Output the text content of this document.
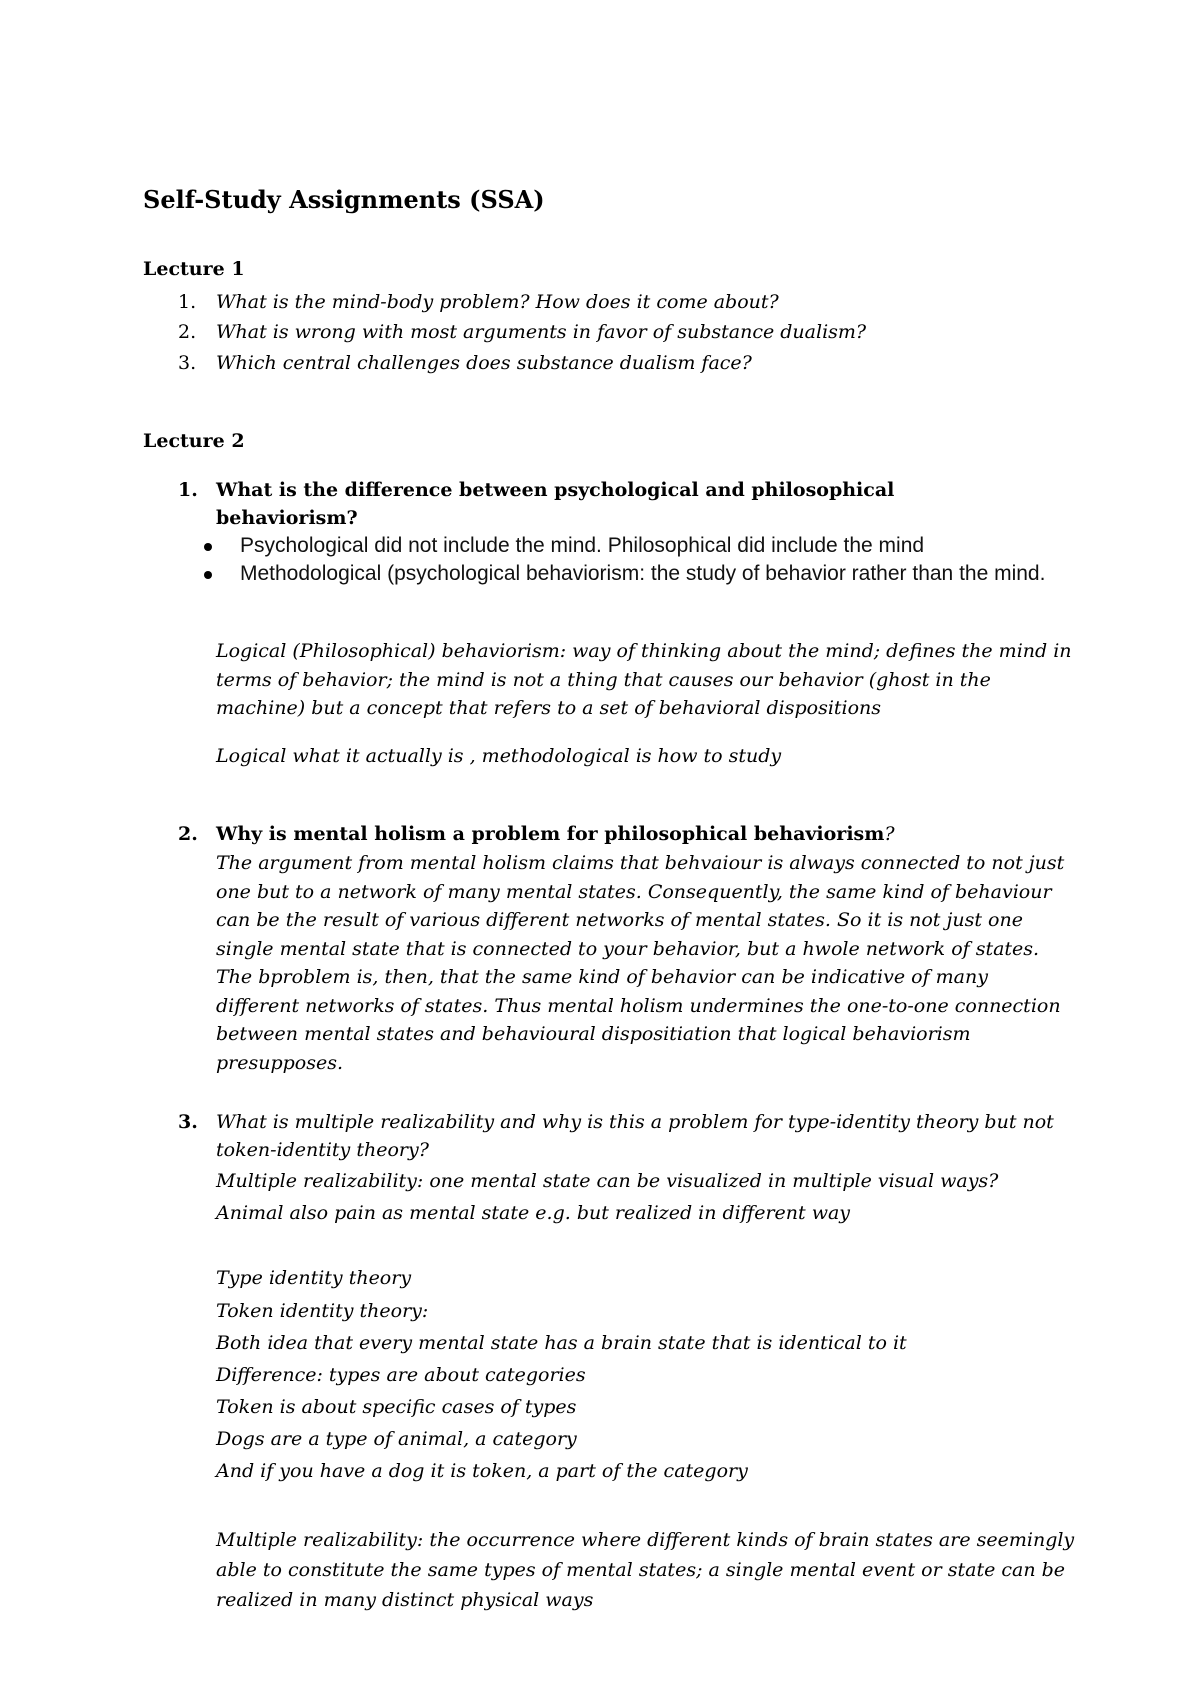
Self-Study Assignments (SSA)
Lecture 1
1.	What is the mind-body problem? How does it come about?
2.	What is wrong with most arguments in favor of substance dualism?
3.	Which central challenges does substance dualism face?
Lecture 2
1. What is the difference between psychological and philosophical behaviorism?
Psychological did not include the mind. Philosophical did include the mind
Methodological (psychological behaviorism: the study of behavior rather than the mind.
Logical (Philosophical) behaviorism: way of thinking about the mind; defines the mind in terms of behavior; the mind is not a thing that causes our behavior (ghost in the machine) but a concept that refers to a set of behavioral dispositions
Logical what it actually is , methodological is how to study
2. Why is mental holism a problem for philosophical behaviorism?
The argument from mental holism claims that behvaiour is always connected to not just one but to a network of many mental states. Consequently, the same kind of behaviour can be the result of various different networks of mental states. So it is not just one single mental state that is connected to your behavior, but a hwole network of states. The bproblem is, then, that the same kind of behavior can be indicative of many different networks of states. Thus mental holism undermines the one-to-one connection between mental states and behavioural dispositiation that logical behaviorism presupposes.
3. What is multiple realizability and why is this a problem for type-identity theory but not token-identity theory?
Multiple realizability: one mental state can be visualized in multiple visual ways?
Animal also pain as mental state e.g. but realized in different way
Type identity theory
Token identity theory:
Both idea that every mental state has a brain state that is identical to it
Difference: types are about categories
Token is about specific cases of types
Dogs are a type of animal, a category
And if you have a dog it is token, a part of the category
Multiple realizability: the occurrence where different kinds of brain states are seemingly able to constitute the same types of mental states; a single mental event or state can be realized in many distinct physical ways
